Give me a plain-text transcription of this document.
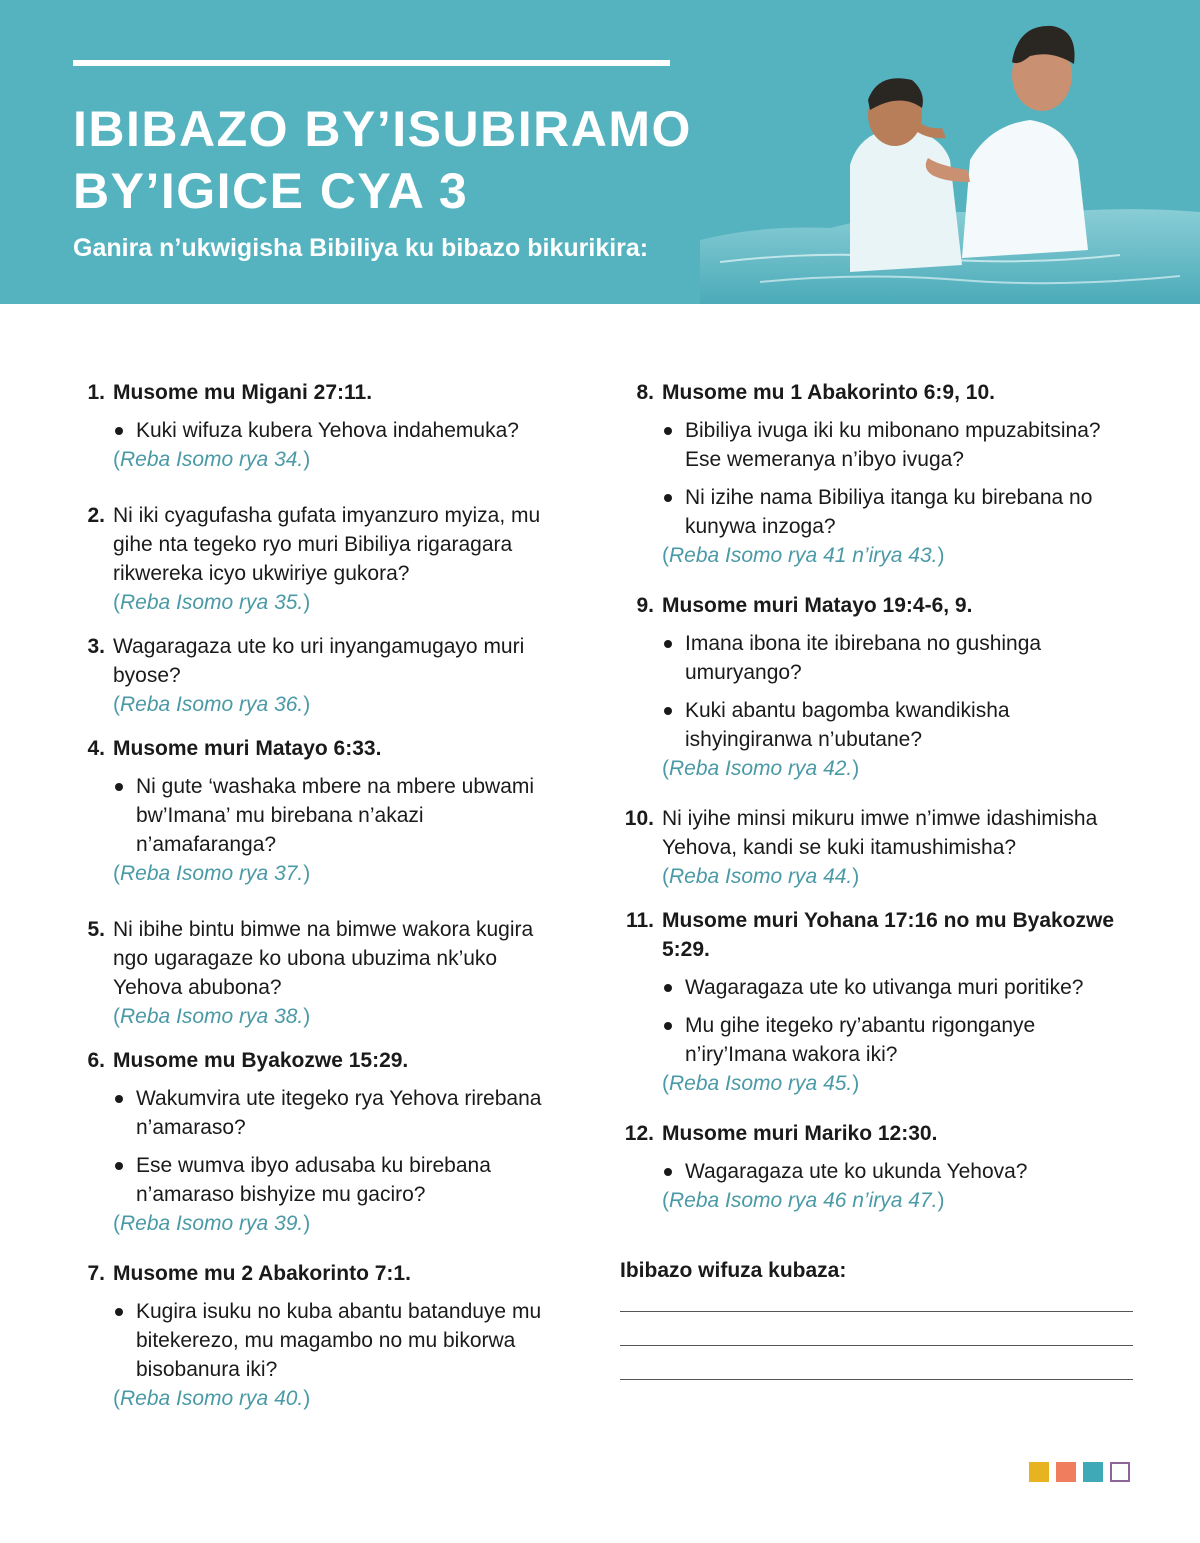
IBIBAZO BY’ISUBIRAMO
BY’IGICE CYA 3
Ganira n’ukwigisha Bibiliya ku bibazo bikurikira:
1. Musome mu Migani 27:11.
Kuki wifuza kubera Yehova indahemuka?
(Reba Isomo rya 34.)
2. Ni iki cyagufasha gufata imyanzuro myiza, mu gihe nta tegeko ryo muri Bibiliya rigaragara rikwereka icyo ukwiriye gukora?
(Reba Isomo rya 35.)
3. Wagaragaza ute ko uri inyangamugayo muri byose?
(Reba Isomo rya 36.)
4. Musome muri Matayo 6:33.
Ni gute ‘washaka mbere na mbere ubwami bw’Imana’ mu birebana n’akazi n’amafaranga?
(Reba Isomo rya 37.)
5. Ni ibihe bintu bimwe na bimwe wakora kugira ngo ugaragaze ko ubona ubuzima nk’uko Yehova abubona?
(Reba Isomo rya 38.)
6. Musome mu Byakozwe 15:29.
Wakumvira ute itegeko rya Yehova rirebana n’amaraso?
Ese wumva ibyo adusaba ku birebana n’amaraso bishyize mu gaciro?
(Reba Isomo rya 39.)
7. Musome mu 2 Abakorinto 7:1.
Kugira isuku no kuba abantu batanduye mu bitekerezo, mu magambo no mu bikorwa bisobanura iki?
(Reba Isomo rya 40.)
8. Musome mu 1 Abakorinto 6:9, 10.
Bibiliya ivuga iki ku mibonano mpuzabitsina? Ese wemeranya n’ibyo ivuga?
Ni izihe nama Bibiliya itanga ku birebana no kunywa inzoga?
(Reba Isomo rya 41 n’irya 43.)
9. Musome muri Matayo 19:4-6, 9.
Imana ibona ite ibirebana no gushinga umuryango?
Kuki abantu bagomba kwandikisha ishyingiranwa n’ubutane?
(Reba Isomo rya 42.)
10. Ni iyihe minsi mikuru imwe n’imwe idashimisha Yehova, kandi se kuki itamushimisha?
(Reba Isomo rya 44.)
11. Musome muri Yohana 17:16 no mu Byakozwe 5:29.
Wagaragaza ute ko utivanga muri poritike?
Mu gihe itegeko ry’abantu rigonganye n’iry’Imana wakora iki?
(Reba Isomo rya 45.)
12. Musome muri Mariko 12:30.
Wagaragaza ute ko ukunda Yehova?
(Reba Isomo rya 46 n’irya 47.)
Ibibazo wifuza kubaza:
